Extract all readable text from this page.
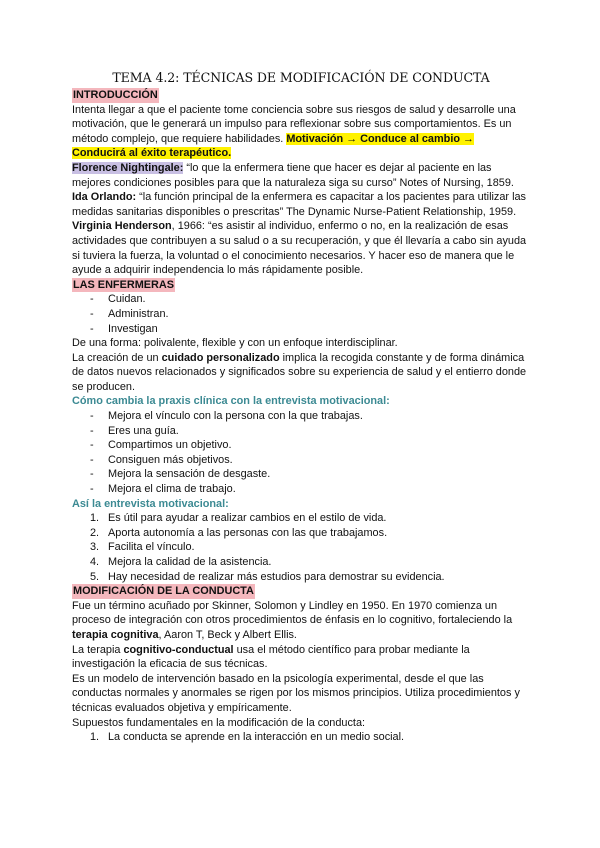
TEMA 4.2: TÉCNICAS DE MODIFICACIÓN DE CONDUCTA
INTRODUCCIÓN

Intenta llegar a que el paciente tome conciencia sobre sus riesgos de salud y desarrolle una motivación, que le generará un impulso para reflexionar sobre sus comportamientos. Es un método complejo, que requiere habilidades. Motivación → Conduce al cambio → Conducirá al éxito terapéutico.

Florence Nightingale: “lo que la enfermera tiene que hacer es dejar al paciente en las mejores condiciones posibles para que la naturaleza siga su curso” Notes of Nursing, 1859.

Ida Orlando: “la función principal de la enfermera es capacitar a los pacientes para utilizar las medidas sanitarias disponibles o prescritas” The Dynamic Nurse-Patient Relationship, 1959.

Virginia Henderson, 1966: “es asistir al individuo, enfermo o no, en la realización de esas actividades que contribuyen a su salud o a su recuperación, y que él llevaría a cabo sin ayuda si tuviera la fuerza, la voluntad o el conocimiento necesarios. Y hacer eso de manera que le ayude a adquirir independencia lo más rápidamente posible.

LAS ENFERMERAS
- Cuidan.
- Administran.
- Investigan

De una forma: polivalente, flexible y con un enfoque interdisciplinar.

La creación de un cuidado personalizado implica la recogida constante y de forma dinámica de datos nuevos relacionados y significados sobre su experiencia de salud y el entierro donde se producen.

Cómo cambia la praxis clínica con la entrevista motivacional:

- Mejora el vínculo con la persona con la que trabajas.
- Eres una guía.
- Compartimos un objetivo.
- Consiguen más objetivos.
- Mejora la sensación de desgaste.
- Mejora el clima de trabajo.

Así la entrevista motivacional:

1. Es útil para ayudar a realizar cambios en el estilo de vida.
2. Aporta autonomía a las personas con las que trabajamos.
3. Facilita el vínculo.
4. Mejora la calidad de la asistencia.
5. Hay necesidad de realizar más estudios para demostrar su evidencia.
MODIFICACIÓN DE LA CONDUCTA

Fue un término acuñado por Skinner, Solomon y Lindley en 1950. En 1970 comienza un proceso de integración con otros procedimientos de énfasis en lo cognitivo, fortaleciendo la terapia cognitiva, Aaron T, Beck y Albert Ellis.

La terapia cognitivo-conductual usa el método científico para probar mediante la investigación la eficacia de sus técnicas.

Es un modelo de intervención basado en la psicología experimental, desde el que las conductas normales y anormales se rigen por los mismos principios. Utiliza procedimientos y técnicas evaluados objetiva y empíricamente.

Supuestos fundamentales en la modificación de la conducta:

1. La conducta se aprende en la interacción en un medio social.
